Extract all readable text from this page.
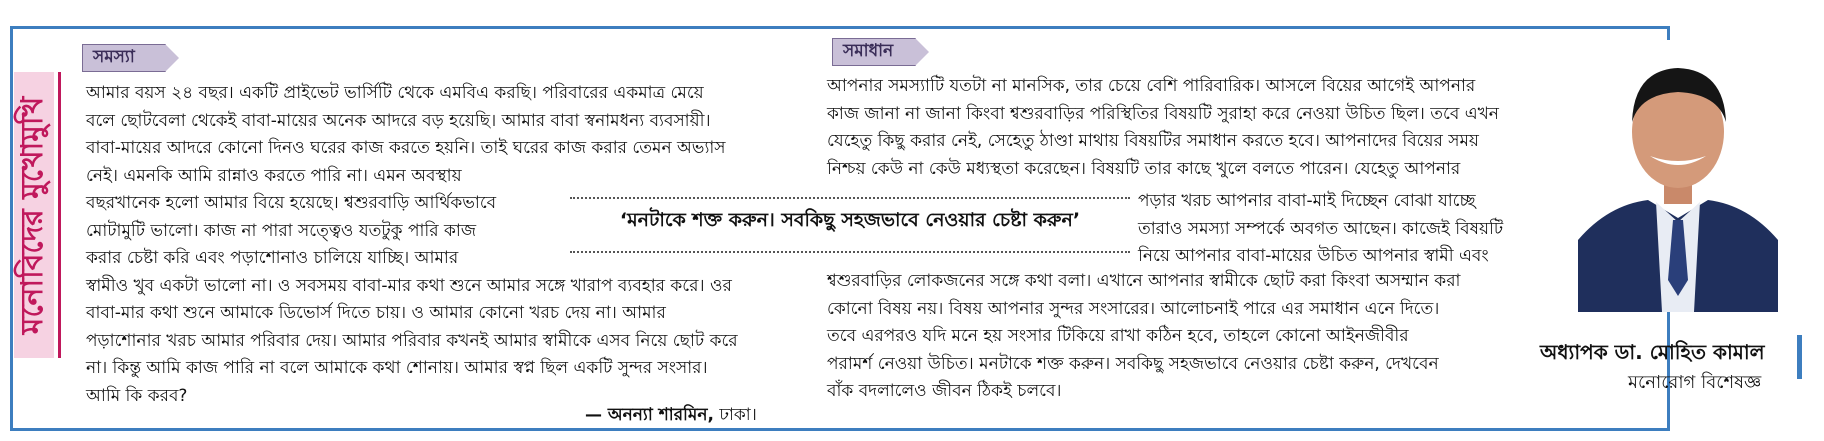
মনোবিদের মুখোমুখি
সমস্যা	সমাধান
আমার বয়স ২৪ বছর। একটি প্রাইভেট ভার্সিটি থেকে এমবিএ করছি। পরিবারের একমাত্র মেয়ে
বলে ছোটবেলা থেকেই বাবা-মায়ের অনেক আদরে বড় হয়েছি। আমার বাবা স্বনামধন্য ব্যবসায়ী।
বাবা-মায়ের আদরে কোনো দিনও ঘরের কাজ করতে হয়নি। তাই ঘরের কাজ করার তেমন অভ্যাস
নেই। এমনকি আমি রান্নাও করতে পারি না। এমন অবস্থায়
বছরখানেক হলো আমার বিয়ে হয়েছে। শ্বশুরবাড়ি আর্থিকভাবে
মোটামুটি ভালো। কাজ না পারা সত্ত্বেও যতটুকু পারি কাজ
করার চেষ্টা করি এবং পড়াশোনাও চালিয়ে যাচ্ছি। আমার
স্বামীও খুব একটা ভালো না। ও সবসময় বাবা-মার কথা শুনে আমার সঙ্গে খারাপ ব্যবহার করে। ওর
বাবা-মার কথা শুনে আমাকে ডিভোর্স দিতে চায়। ও আমার কোনো খরচ দেয় না। আমার
পড়াশোনার খরচ আমার পরিবার দেয়। আমার পরিবার কখনই আমার স্বামীকে এসব নিয়ে ছোট করে
না। কিন্তু আমি কাজ পারি না বলে আমাকে কথা শোনায়। আমার স্বপ্ন ছিল একটি সুন্দর সংসার।
আমি কি করব?
— অনন্যা শারমিন, ঢাকা।
‘মনটাকে শক্ত করুন। সবকিছু সহজভাবে নেওয়ার চেষ্টা করুন’
আপনার সমস্যাটি যতটা না মানসিক, তার চেয়ে বেশি পারিবারিক। আসলে বিয়ের আগেই আপনার
কাজ জানা না জানা কিংবা শ্বশুরবাড়ির পরিস্থিতির বিষয়টি সুরাহা করে নেওয়া উচিত ছিল। তবে এখন
যেহেতু কিছু করার নেই, সেহেতু ঠাণ্ডা মাথায় বিষয়টির সমাধান করতে হবে। আপনাদের বিয়ের সময়
নিশ্চয় কেউ না কেউ মধ্যস্থতা করেছেন। বিষয়টি তার কাছে খুলে বলতে পারেন। যেহেতু আপনার
পড়ার খরচ আপনার বাবা-মাই দিচ্ছেন বোঝা যাচ্ছে
তারাও সমস্যা সম্পর্কে অবগত আছেন। কাজেই বিষয়টি
নিয়ে আপনার বাবা-মায়ের উচিত আপনার স্বামী এবং
শ্বশুরবাড়ির লোকজনের সঙ্গে কথা বলা। এখানে আপনার স্বামীকে ছোট করা কিংবা অসম্মান করা
কোনো বিষয় নয়। বিষয় আপনার সুন্দর সংসারের। আলোচনাই পারে এর সমাধান এনে দিতে।
তবে এরপরও যদি মনে হয় সংসার টিকিয়ে রাখা কঠিন হবে, তাহলে কোনো আইনজীবীর
পরামর্শ নেওয়া উচিত। মনটাকে শক্ত করুন। সবকিছু সহজভাবে নেওয়ার চেষ্টা করুন, দেখবেন
বাঁক বদলালেও জীবন ঠিকই চলবে।
অধ্যাপক ডা. মোহিত কামাল
মনোরোগ বিশেষজ্ঞ
